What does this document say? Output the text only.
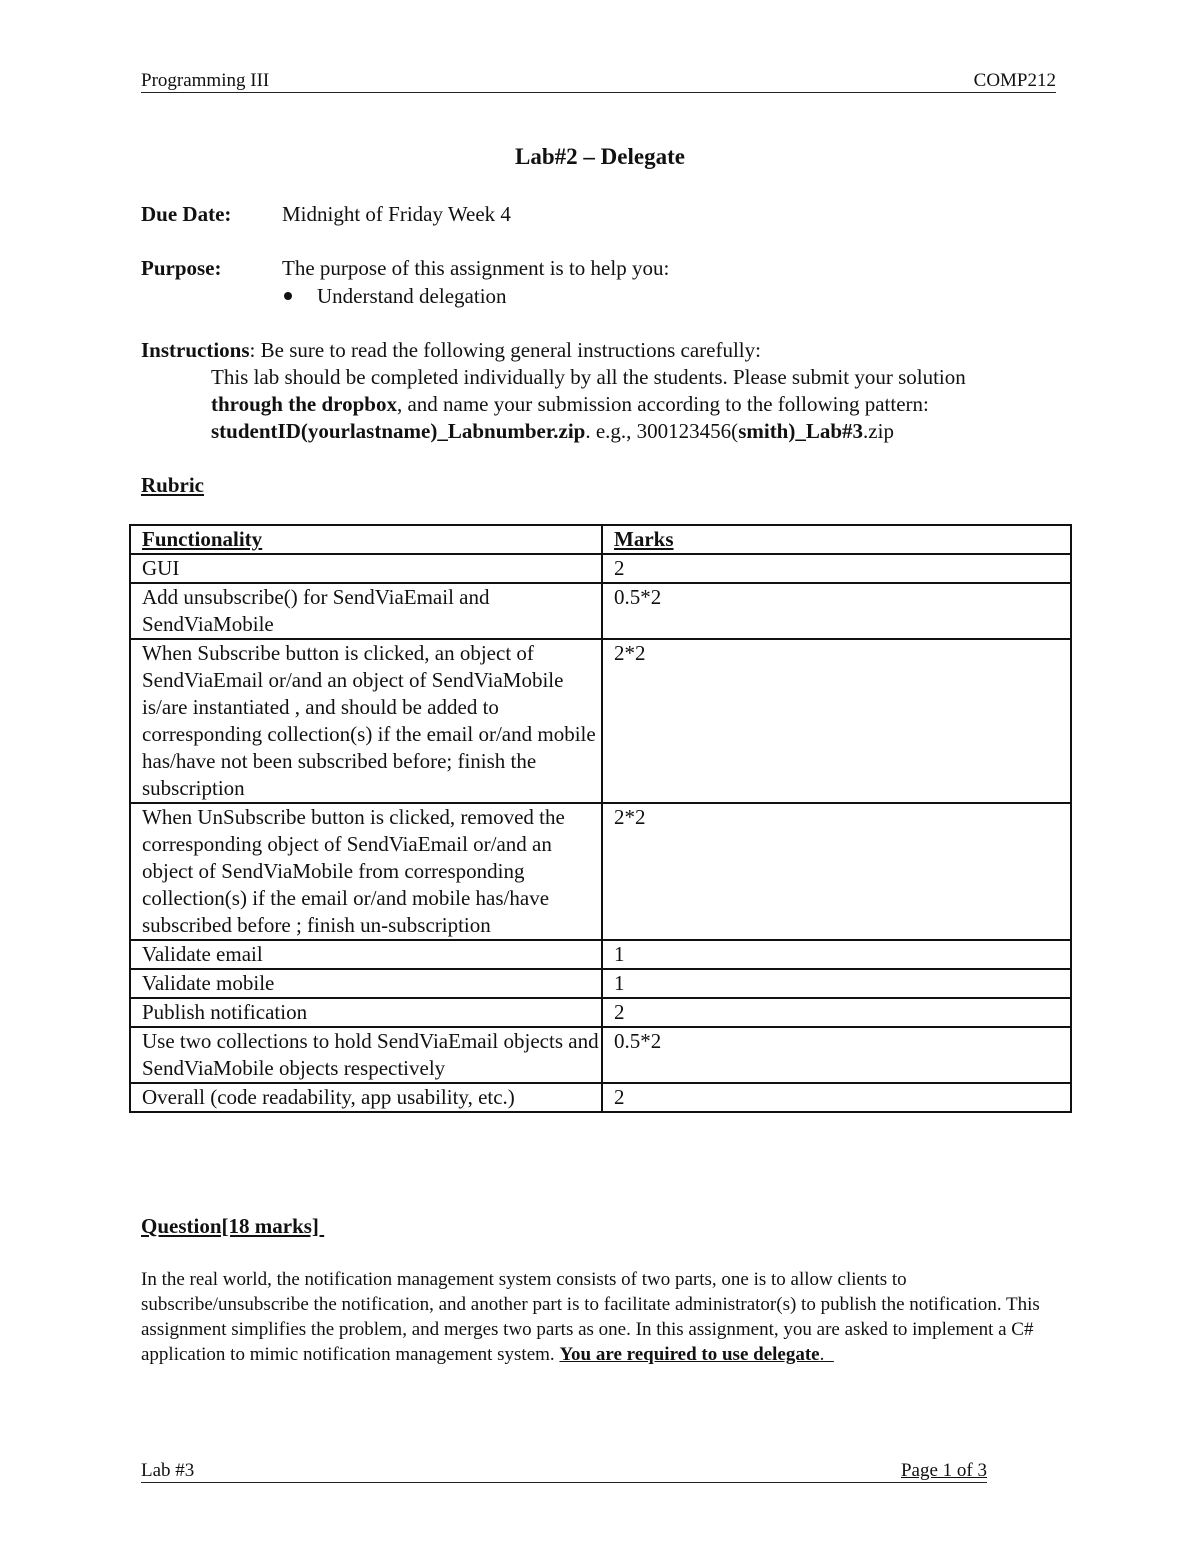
Programming III	COMP212
Lab#2 – Delegate
Due Date: Midnight of Friday Week 4
Purpose:	The purpose of this assignment is to help you:
Understand delegation
Instructions: Be sure to read the following general instructions carefully:
This lab should be completed individually by all the students. Please submit your solution
through the dropbox, and name your submission according to the following pattern:
studentID(yourlastname)_Labnumber.zip. e.g., 300123456(smith)_Lab#3.zip
Rubric
Functionality	Marks
GUI	2
Add unsubscribe() for SendViaEmail and SendViaMobile	0.5*2
When Subscribe button is clicked, an object of SendViaEmail or/and an object of SendViaMobile is/are instantiated , and should be added to corresponding collection(s) if the email or/and mobile has/have not been subscribed before; finish the subscription	2*2
When UnSubscribe button is clicked, removed the corresponding object of SendViaEmail or/and an object of SendViaMobile from corresponding collection(s) if the email or/and mobile has/have subscribed before ; finish un-subscription	2*2
Validate email	1
Validate mobile	1
Publish notification	2
Use two collections to hold SendViaEmail objects and SendViaMobile objects respectively	0.5*2
Overall (code readability, app usability, etc.)	2
Question[18 marks]
In the real world, the notification management system consists of two parts, one is to allow clients to subscribe/unsubscribe the notification, and another part is to facilitate administrator(s) to publish the notification. This assignment simplifies the problem, and merges two parts as one. In this assignment, you are asked to implement a C# application to mimic notification management system. You are required to use delegate.
Lab #3	Page 1 of 3
